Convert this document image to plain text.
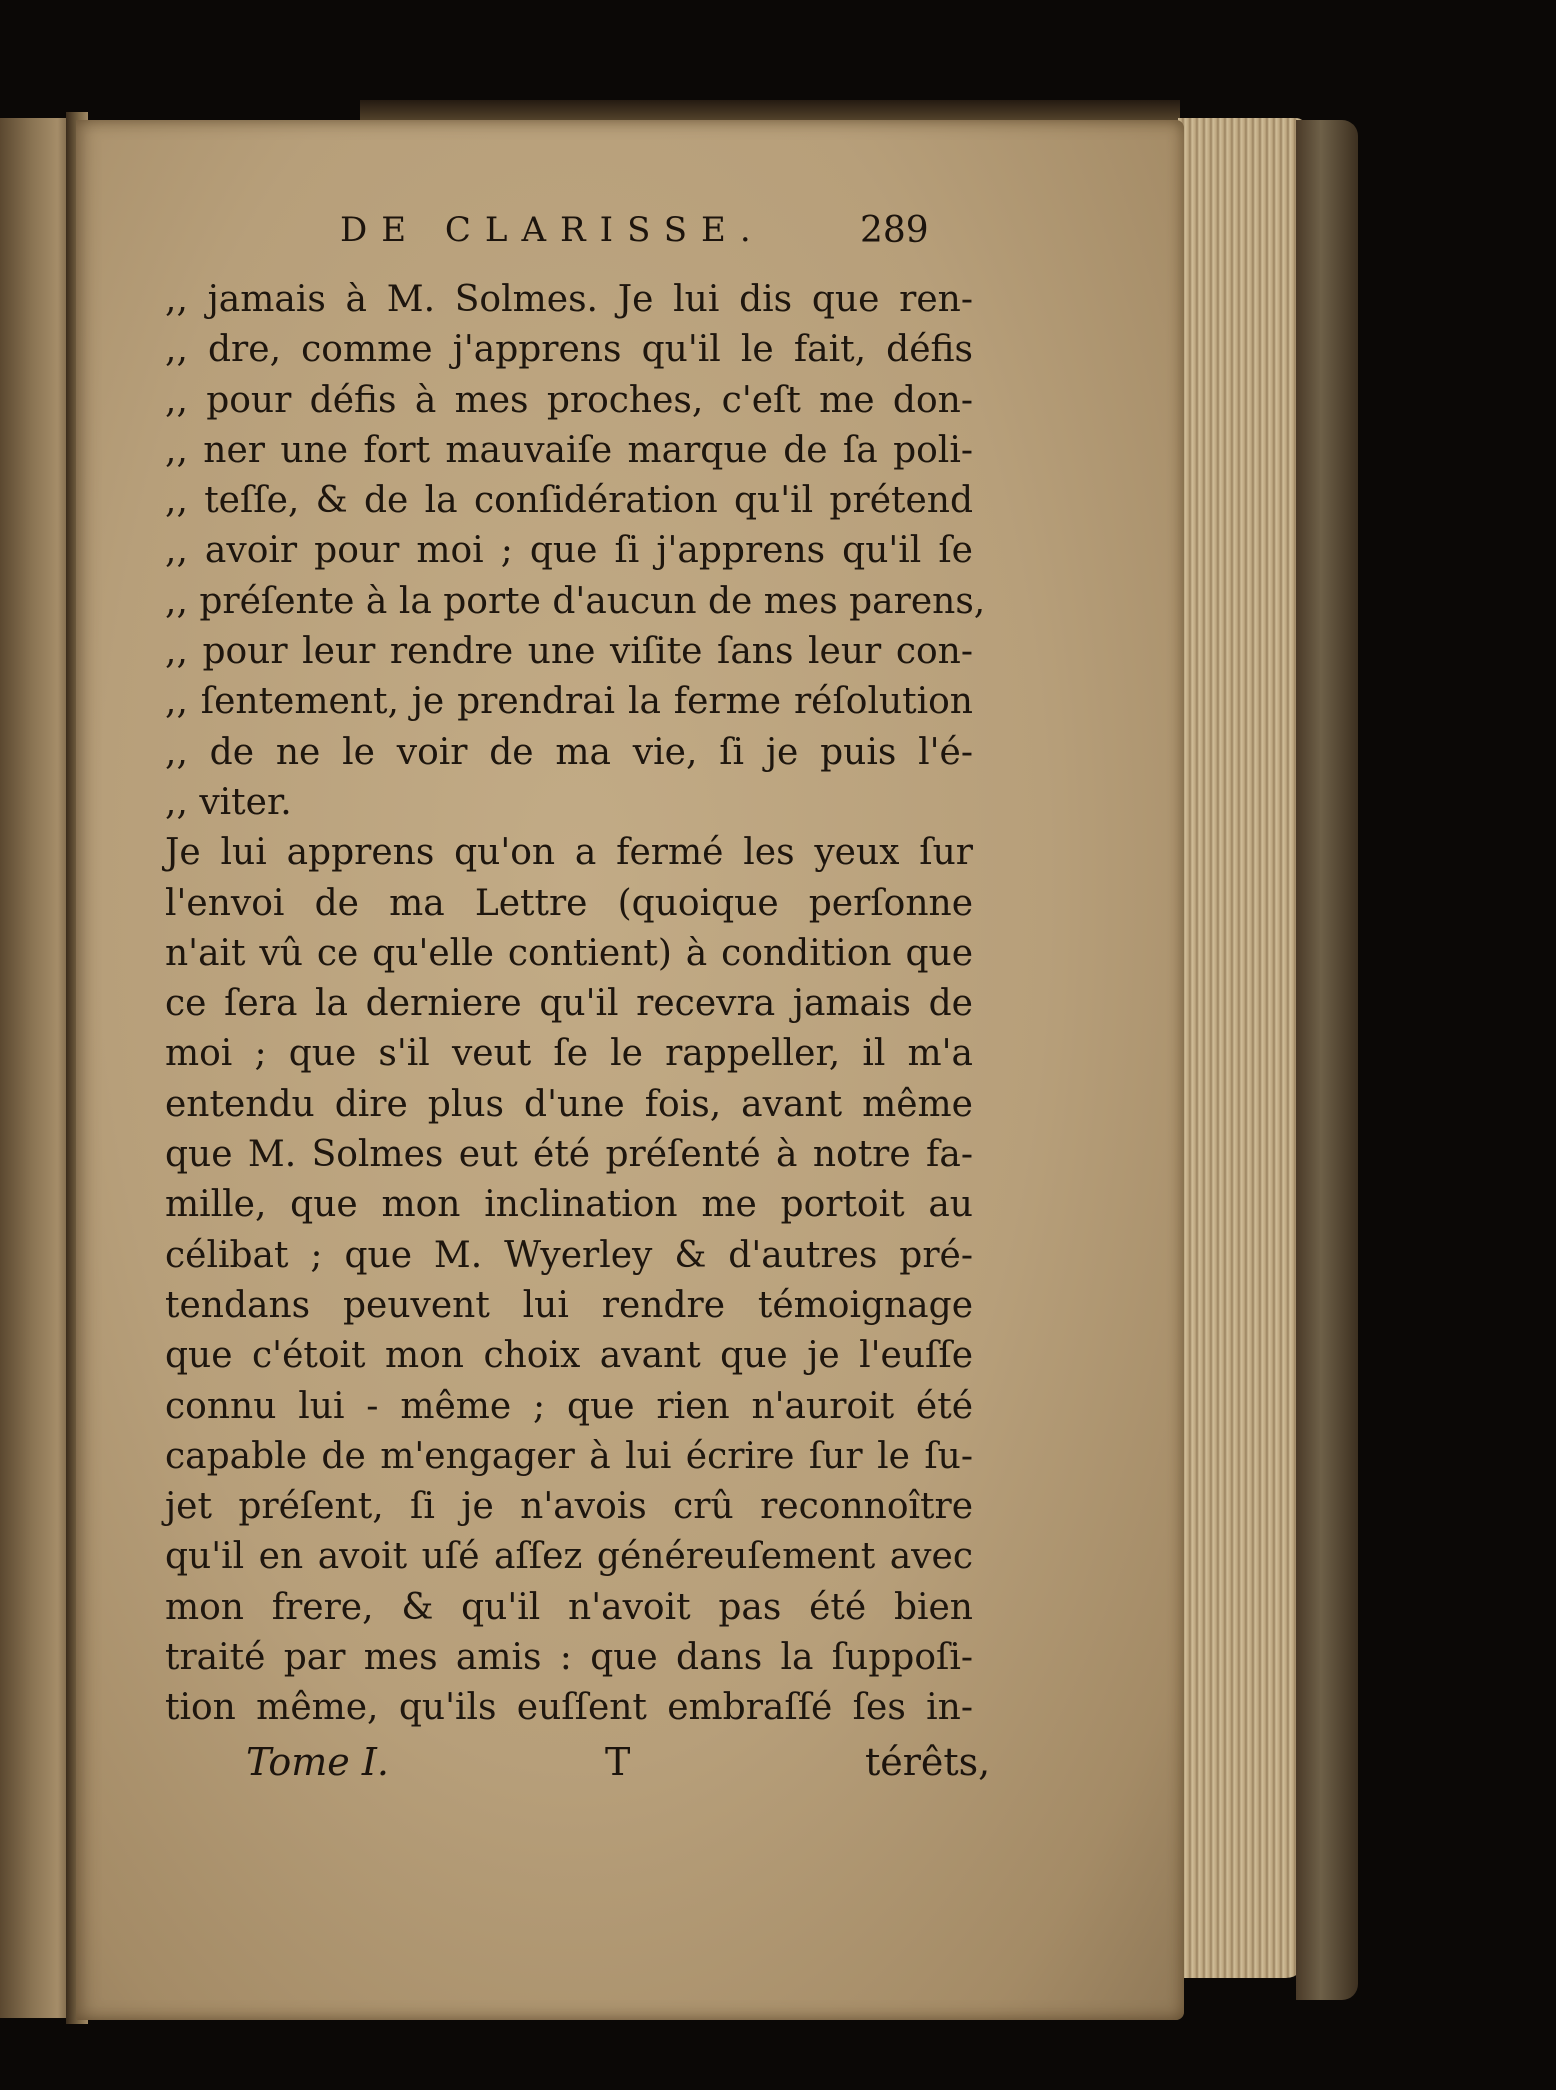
DE CLARISSE.	289
,, jamais à M. Solmes. Je lui dis que ren-
,, dre, comme j'apprens qu'il le fait, défis
,, pour défis à mes proches, c'eſt me don-
,, ner une fort mauvaiſe marque de ſa poli-
,, teſſe, & de la conſidération qu'il prétend
,, avoir pour moi ; que ſi j'apprens qu'il ſe
,, préſente à la porte d'aucun de mes parens,
,, pour leur rendre une viſite ſans leur con-
,, ſentement, je prendrai la ferme réſolution
,, de ne le voir de ma vie, ſi je puis l'é-
,, viter.
Je lui apprens qu'on a fermé les yeux ſur
l'envoi de ma Lettre (quoique perſonne
n'ait vû ce qu'elle contient) à condition que
ce ſera la derniere qu'il recevra jamais de
moi ; que s'il veut ſe le rappeller, il m'a
entendu dire plus d'une fois, avant même
que M. Solmes eut été préſenté à notre fa-
mille, que mon inclination me portoit au
célibat ; que M. Wyerley & d'autres pré-
tendans peuvent lui rendre témoignage
que c'étoit mon choix avant que je l'euſſe
connu lui - même ; que rien n'auroit été
capable de m'engager à lui écrire ſur le ſu-
jet préſent, ſi je n'avois crû reconnoître
qu'il en avoit uſé aſſez généreuſement avec
mon frere, & qu'il n'avoit pas été bien
traité par mes amis : que dans la ſuppoſi-
tion même, qu'ils euſſent embraſſé ſes in-
Tome I.	T	térêts,
